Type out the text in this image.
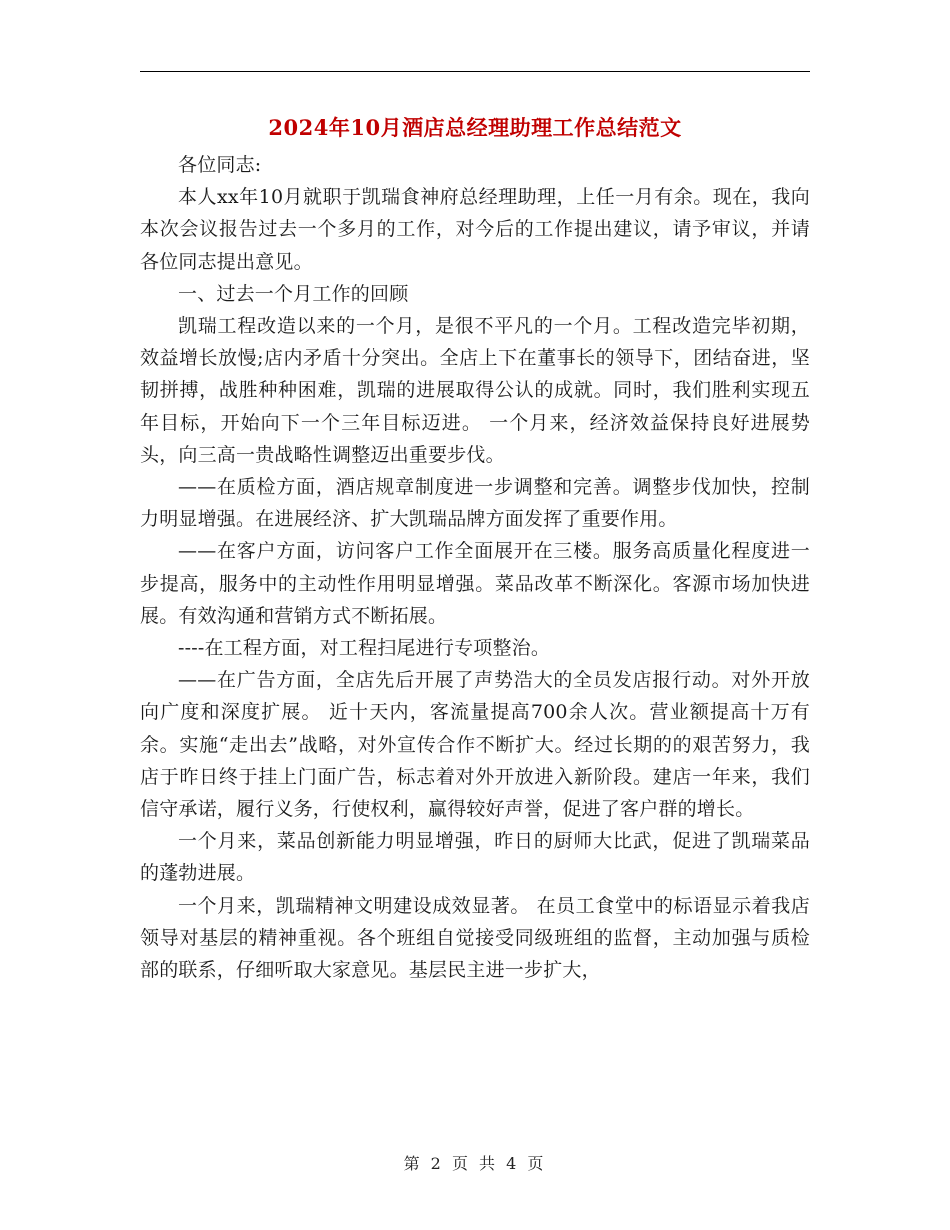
2024年10月酒店总经理助理工作总结范文

各位同志:

本人xx年10月就职于凯瑞食神府总经理助理，上任一月有余。现在，我向本次会议报告过去一个多月的工作，对今后的工作提出建议，请予审议，并请各位同志提出意见。

一、过去一个月工作的回顾

凯瑞工程改造以来的一个月，是很不平凡的一个月。工程改造完毕初期，效益增长放慢;店内矛盾十分突出。全店上下在董事长的领导下，团结奋进，坚韧拼搏，战胜种种困难，凯瑞的进展取得公认的成就。同时，我们胜利实现五年目标，开始向下一个三年目标迈进。 一个月来，经济效益保持良好进展势头，向三高一贵战略性调整迈出重要步伐。

——在质检方面，酒店规章制度进一步调整和完善。调整步伐加快，控制力明显增强。在进展经济、扩大凯瑞品牌方面发挥了重要作用。

——在客户方面，访问客户工作全面展开在三楼。服务高质量化程度进一步提高，服务中的主动性作用明显增强。菜品改革不断深化。客源市场加快进展。有效沟通和营销方式不断拓展。

----在工程方面，对工程扫尾进行专项整治。

——在广告方面，全店先后开展了声势浩大的全员发店报行动。对外开放向广度和深度扩展。 近十天内，客流量提高700余人次。营业额提高十万有余。实施“走出去”战略，对外宣传合作不断扩大。经过长期的的艰苦努力，我店于昨日终于挂上门面广告，标志着对外开放进入新阶段。建店一年来，我们信守承诺，履行义务，行使权利，赢得较好声誉，促进了客户群的增长。

一个月来，菜品创新能力明显增强，昨日的厨师大比武，促进了凯瑞菜品的蓬勃进展。

一个月来，凯瑞精神文明建设成效显著。 在员工食堂中的标语显示着我店领导对基层的精神重视。各个班组自觉接受同级班组的监督，主动加强与质检部的联系，仔细听取大家意见。基层民主进一步扩大，

第 2 页 共 4 页
